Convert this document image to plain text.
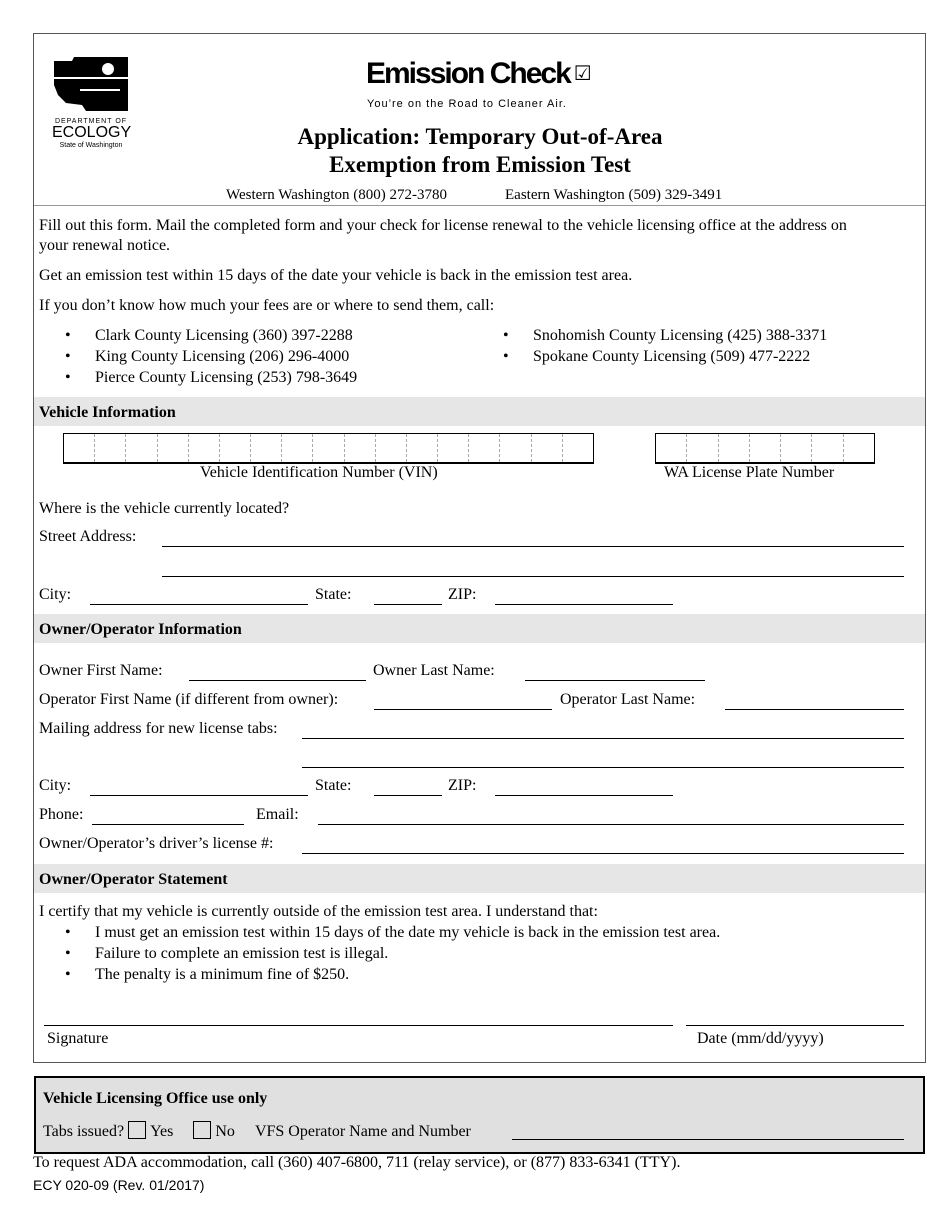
DEPARTMENT OF
ECOLOGY
State of Washington
Emission Check ☑
You’re on the Road to Cleaner Air.
Application: Temporary Out-of-Area
Exemption from Emission Test
Western Washington (800) 272-3780	Eastern Washington (509) 329-3491
Fill out this form. Mail the completed form and your check for license renewal to the vehicle licensing office at the address on
your renewal notice.
Get an emission test within 15 days of the date your vehicle is back in the emission test area.
If you don’t know how much your fees are or where to send them, call:
• Clark County Licensing (360) 397-2288
• King County Licensing (206) 296-4000
• Pierce County Licensing (253) 798-3649
• Snohomish County Licensing (425) 388-3371
• Spokane County Licensing (509) 477-2222
Vehicle Information
Vehicle Identification Number (VIN)	WA License Plate Number
Where is the vehicle currently located?
Street Address:
City:	State:	ZIP:
Owner/Operator Information
Owner First Name:	Owner Last Name:
Operator First Name (if different from owner):	Operator Last Name:
Mailing address for new license tabs:
City:	State:	ZIP:
Phone:	Email:
Owner/Operator’s driver’s license #:
Owner/Operator Statement
I certify that my vehicle is currently outside of the emission test area. I understand that:
• I must get an emission test within 15 days of the date my vehicle is back in the emission test area.
• Failure to complete an emission test is illegal.
• The penalty is a minimum fine of $250.
Signature	Date (mm/dd/yyyy)
Vehicle Licensing Office use only
Tabs issued? Yes	No VFS Operator Name and Number
To request ADA accommodation, call (360) 407-6800, 711 (relay service), or (877) 833-6341 (TTY).
ECY 020-09 (Rev. 01/2017)
